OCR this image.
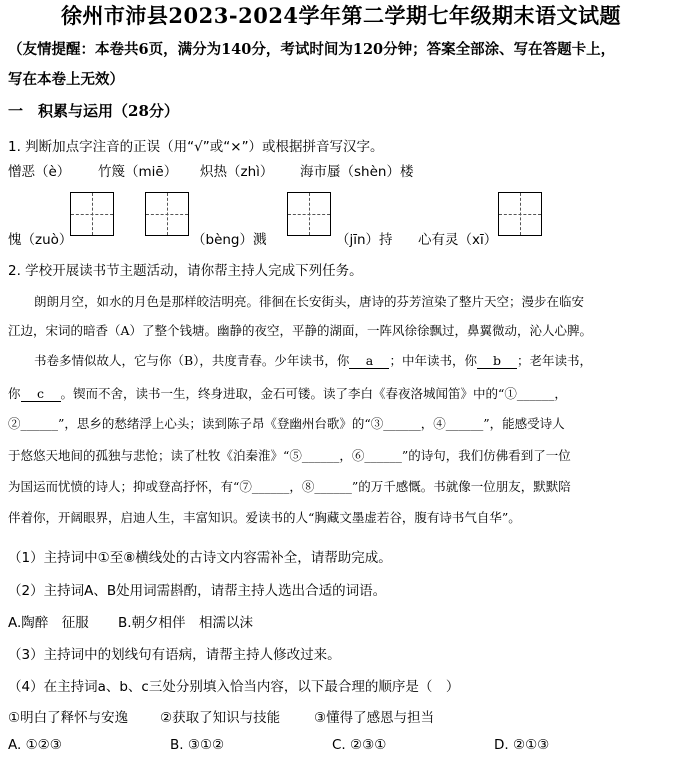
徐州市沛县2023-2024学年第二学期七年级期末语文试题
（友情提醒：本卷共6页，满分为140分，考试时间为120分钟；答案全部涂、写在答题卡上，
写在本卷上无效）
一　积累与运用（28分）
1. 判断加点字注音的正误（用“√”或“×”）或根据拼音写汉字。
憎恶（è） 竹篾（miē） 炽热（zhì） 海市蜃（shèn）楼
愧（zuò）	（bèng）溅	（jīn）持 心有灵（xī）
2. 学校开展读书节主题活动，请你帮主持人完成下列任务。
朗朗月空，如水的月色是那样皎洁明亮。徘徊在长安街头，唐诗的芬芳渲染了整片天空；漫步在临安
江边，宋词的暗香（A）了整个钱塘。幽静的夜空，平静的湖面，一阵风徐徐飘过，鼻翼微动，沁人心脾。
书卷多情似故人，它与你（B），共度青春。少年读书，你 a ；中年读书，你 b ；老年读书，
你 c 。锲而不舍，读书一生，终身进取，金石可镂。读了李白《春夜洛城闻笛》中的“①______，
②______”，思乡的愁绪浮上心头；读到陈子昂《登幽州台歌》的“③______，④______”，能感受诗人
于悠悠天地间的孤独与悲怆；读了杜牧《泊秦淮》“⑤______，⑥______”的诗句，我们仿佛看到了一位
为国运而忧愤的诗人；抑或登高抒怀，有“⑦______，⑧______”的万千感慨。书就像一位朋友，默默陪
伴着你，开阔眼界，启迪人生，丰富知识。爱读书的人“胸藏文墨虚若谷，腹有诗书气自华”。
（1）主持词中①至⑧横线处的古诗文内容需补全，请帮助完成。
（2）主持词A、B处用词需斟酌，请帮主持人选出合适的词语。
A.陶醉　征服 B.朝夕相伴　相濡以沫
（3）主持词中的划线句有语病，请帮主持人修改过来。
（4）在主持词a、b、c三处分别填入恰当内容，以下最合理的顺序是（　）
①明白了释怀与安逸 ②获取了知识与技能	③懂得了感恩与担当
A. ①②③	B. ③①②	C. ②③①	D. ②①③
